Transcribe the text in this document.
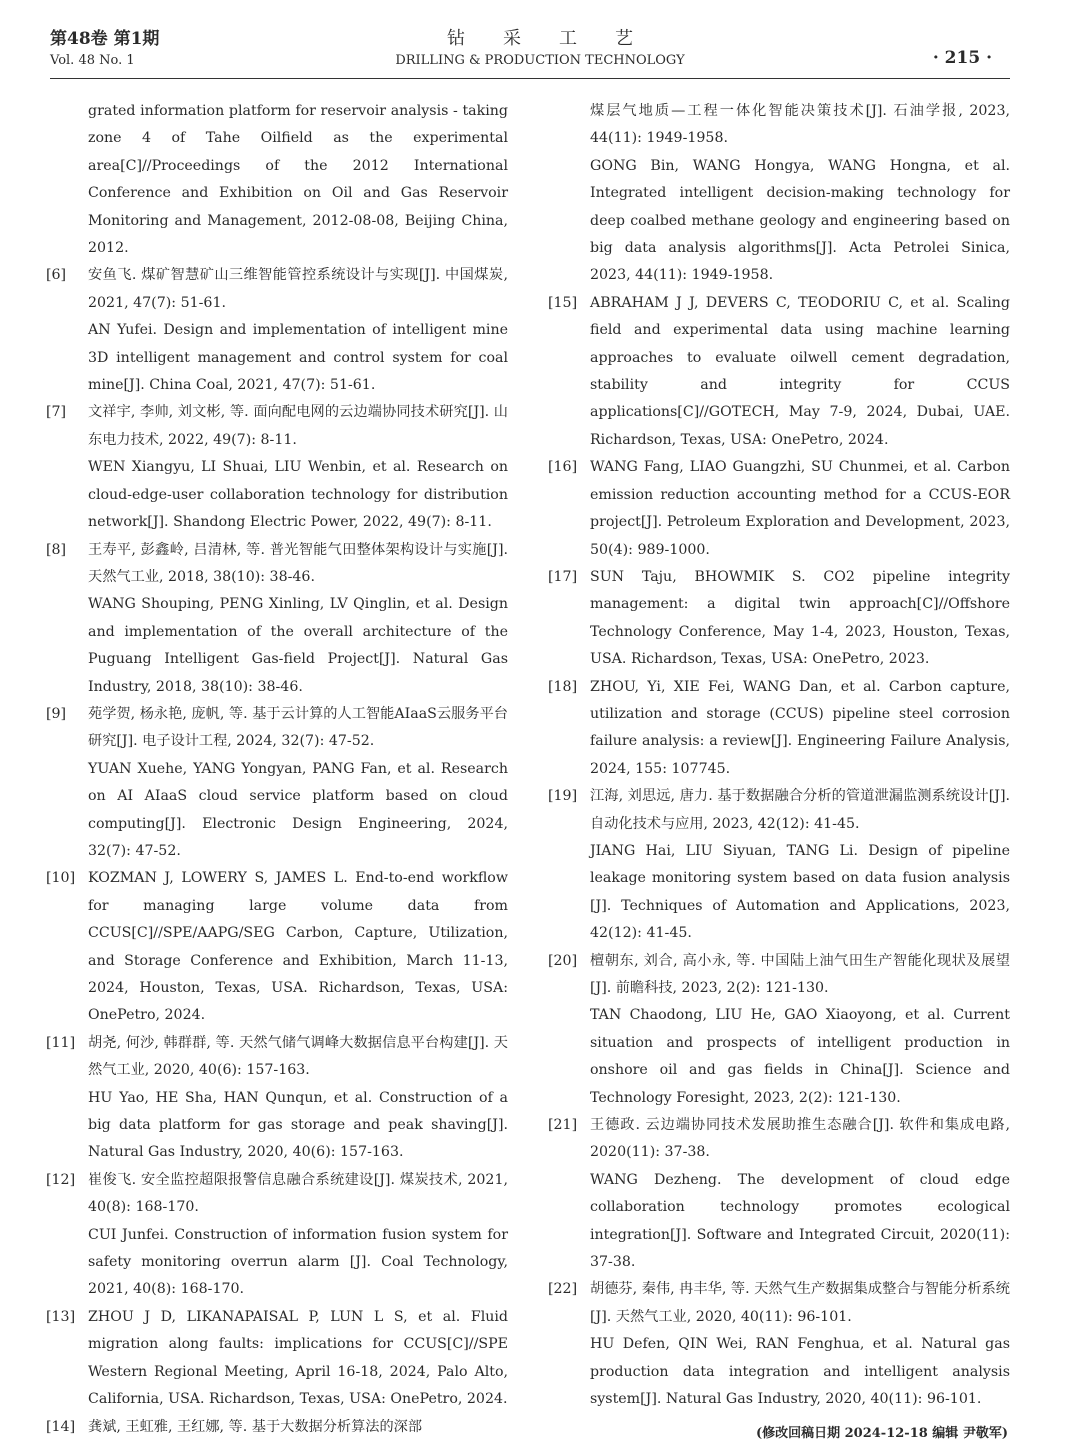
第48卷 第1期
Vol. 48 No. 1
钻采工艺
DRILLING & PRODUCTION TECHNOLOGY	· 215 ·

grated information platform for reservoir analysis - taking zone 4 of Tahe Oilfield as the experimental area[C]//Proceedings of the 2012 International Conference and Exhibition on Oil and Gas Reservoir Monitoring and Management, 2012-08-08, Beijing China, 2012.

[6] 安鱼飞. 煤矿智慧矿山三维智能管控系统设计与实现[J]. 中国煤炭, 2021, 47(7): 51-61.

AN Yufei. Design and implementation of intelligent mine 3D intelligent management and control system for coal mine[J]. China Coal, 2021, 47(7): 51-61.

[7] 文祥宇, 李帅, 刘文彬, 等. 面向配电网的云边端协同技术研究[J]. 山东电力技术, 2022, 49(7): 8-11.

WEN Xiangyu, LI Shuai, LIU Wenbin, et al. Research on cloud-edge-user collaboration technology for distribution network[J]. Shandong Electric Power, 2022, 49(7): 8-11.

[8] 王寿平, 彭鑫岭, 吕清林, 等. 普光智能气田整体架构设计与实施[J]. 天然气工业, 2018, 38(10): 38-46.

WANG Shouping, PENG Xinling, LV Qinglin, et al. Design and implementation of the overall architecture of the Puguang Intelligent Gas-field Project[J]. Natural Gas Industry, 2018, 38(10): 38-46.

[9] 苑学贺, 杨永艳, 庞帆, 等. 基于云计算的人工智能AIaaS云服务平台研究[J]. 电子设计工程, 2024, 32(7): 47-52.

YUAN Xuehe, YANG Yongyan, PANG Fan, et al. Research on AI AIaaS cloud service platform based on cloud computing[J]. Electronic Design Engineering, 2024, 32(7): 47-52.

[10] KOZMAN J, LOWERY S, JAMES L. End-to-end workflow for managing large volume data from CCUS[C]//SPE/AAPG/SEG Carbon, Capture, Utilization, and Storage Conference and Exhibition, March 11-13, 2024, Houston, Texas, USA. Richardson, Texas, USA: OnePetro, 2024.

[11] 胡尧, 何沙, 韩群群, 等. 天然气储气调峰大数据信息平台构建[J]. 天然气工业, 2020, 40(6): 157-163.

HU Yao, HE Sha, HAN Qunqun, et al. Construction of a big data platform for gas storage and peak shaving[J]. Natural Gas Industry, 2020, 40(6): 157-163.

[12] 崔俊飞. 安全监控超限报警信息融合系统建设[J]. 煤炭技术, 2021, 40(8): 168-170.

CUI Junfei. Construction of information fusion system for safety monitoring overrun alarm [J]. Coal Technology, 2021, 40(8): 168-170.

[13] ZHOU J D, LIKANAPAISAL P, LUN L S, et al. Fluid migration along faults: implications for CCUS[C]//SPE Western Regional Meeting, April 16-18, 2024, Palo Alto, California, USA. Richardson, Texas, USA: OnePetro, 2024.

[14] 龚斌, 王虹雅, 王红娜, 等. 基于大数据分析算法的深部

煤层气地质—工程一体化智能决策技术[J]. 石油学报, 2023, 44(11): 1949-1958.

GONG Bin, WANG Hongya, WANG Hongna, et al. Integrated intelligent decision-making technology for deep coalbed methane geology and engineering based on big data analysis algorithms[J]. Acta Petrolei Sinica, 2023, 44(11): 1949-1958.

[15] ABRAHAM J J, DEVERS C, TEODORIU C, et al. Scaling field and experimental data using machine learning approaches to evaluate oilwell cement degradation, stability and integrity for CCUS applications[C]//GOTECH, May 7-9, 2024, Dubai, UAE. Richardson, Texas, USA: OnePetro, 2024.

[16] WANG Fang, LIAO Guangzhi, SU Chunmei, et al. Carbon emission reduction accounting method for a CCUS-EOR project[J]. Petroleum Exploration and Development, 2023, 50(4): 989-1000.

[17] SUN Taju, BHOWMIK S. CO2 pipeline integrity management: a digital twin approach[C]//Offshore Technology Conference, May 1-4, 2023, Houston, Texas, USA. Richardson, Texas, USA: OnePetro, 2023.

[18] ZHOU, Yi, XIE Fei, WANG Dan, et al. Carbon capture, utilization and storage (CCUS) pipeline steel corrosion failure analysis: a review[J]. Engineering Failure Analysis, 2024, 155: 107745.

[19] 江海, 刘思远, 唐力. 基于数据融合分析的管道泄漏监测系统设计[J]. 自动化技术与应用, 2023, 42(12): 41-45.

JIANG Hai, LIU Siyuan, TANG Li. Design of pipeline leakage monitoring system based on data fusion analysis [J]. Techniques of Automation and Applications, 2023, 42(12): 41-45.

[20] 檀朝东, 刘合, 高小永, 等. 中国陆上油气田生产智能化现状及展望[J]. 前瞻科技, 2023, 2(2): 121-130.

TAN Chaodong, LIU He, GAO Xiaoyong, et al. Current situation and prospects of intelligent production in onshore oil and gas fields in China[J]. Science and Technology Foresight, 2023, 2(2): 121-130.

[21] 王德政. 云边端协同技术发展助推生态融合[J]. 软件和集成电路, 2020(11): 37-38.

WANG Dezheng. The development of cloud edge collaboration technology promotes ecological integration[J]. Software and Integrated Circuit, 2020(11): 37-38.

[22] 胡德芬, 秦伟, 冉丰华, 等. 天然气生产数据集成整合与智能分析系统[J]. 天然气工业, 2020, 40(11): 96-101.

HU Defen, QIN Wei, RAN Fenghua, et al. Natural gas production data integration and intelligent analysis system[J]. Natural Gas Industry, 2020, 40(11): 96-101.

(修改回稿日期 2024-12-18 编辑 尹敬军)
